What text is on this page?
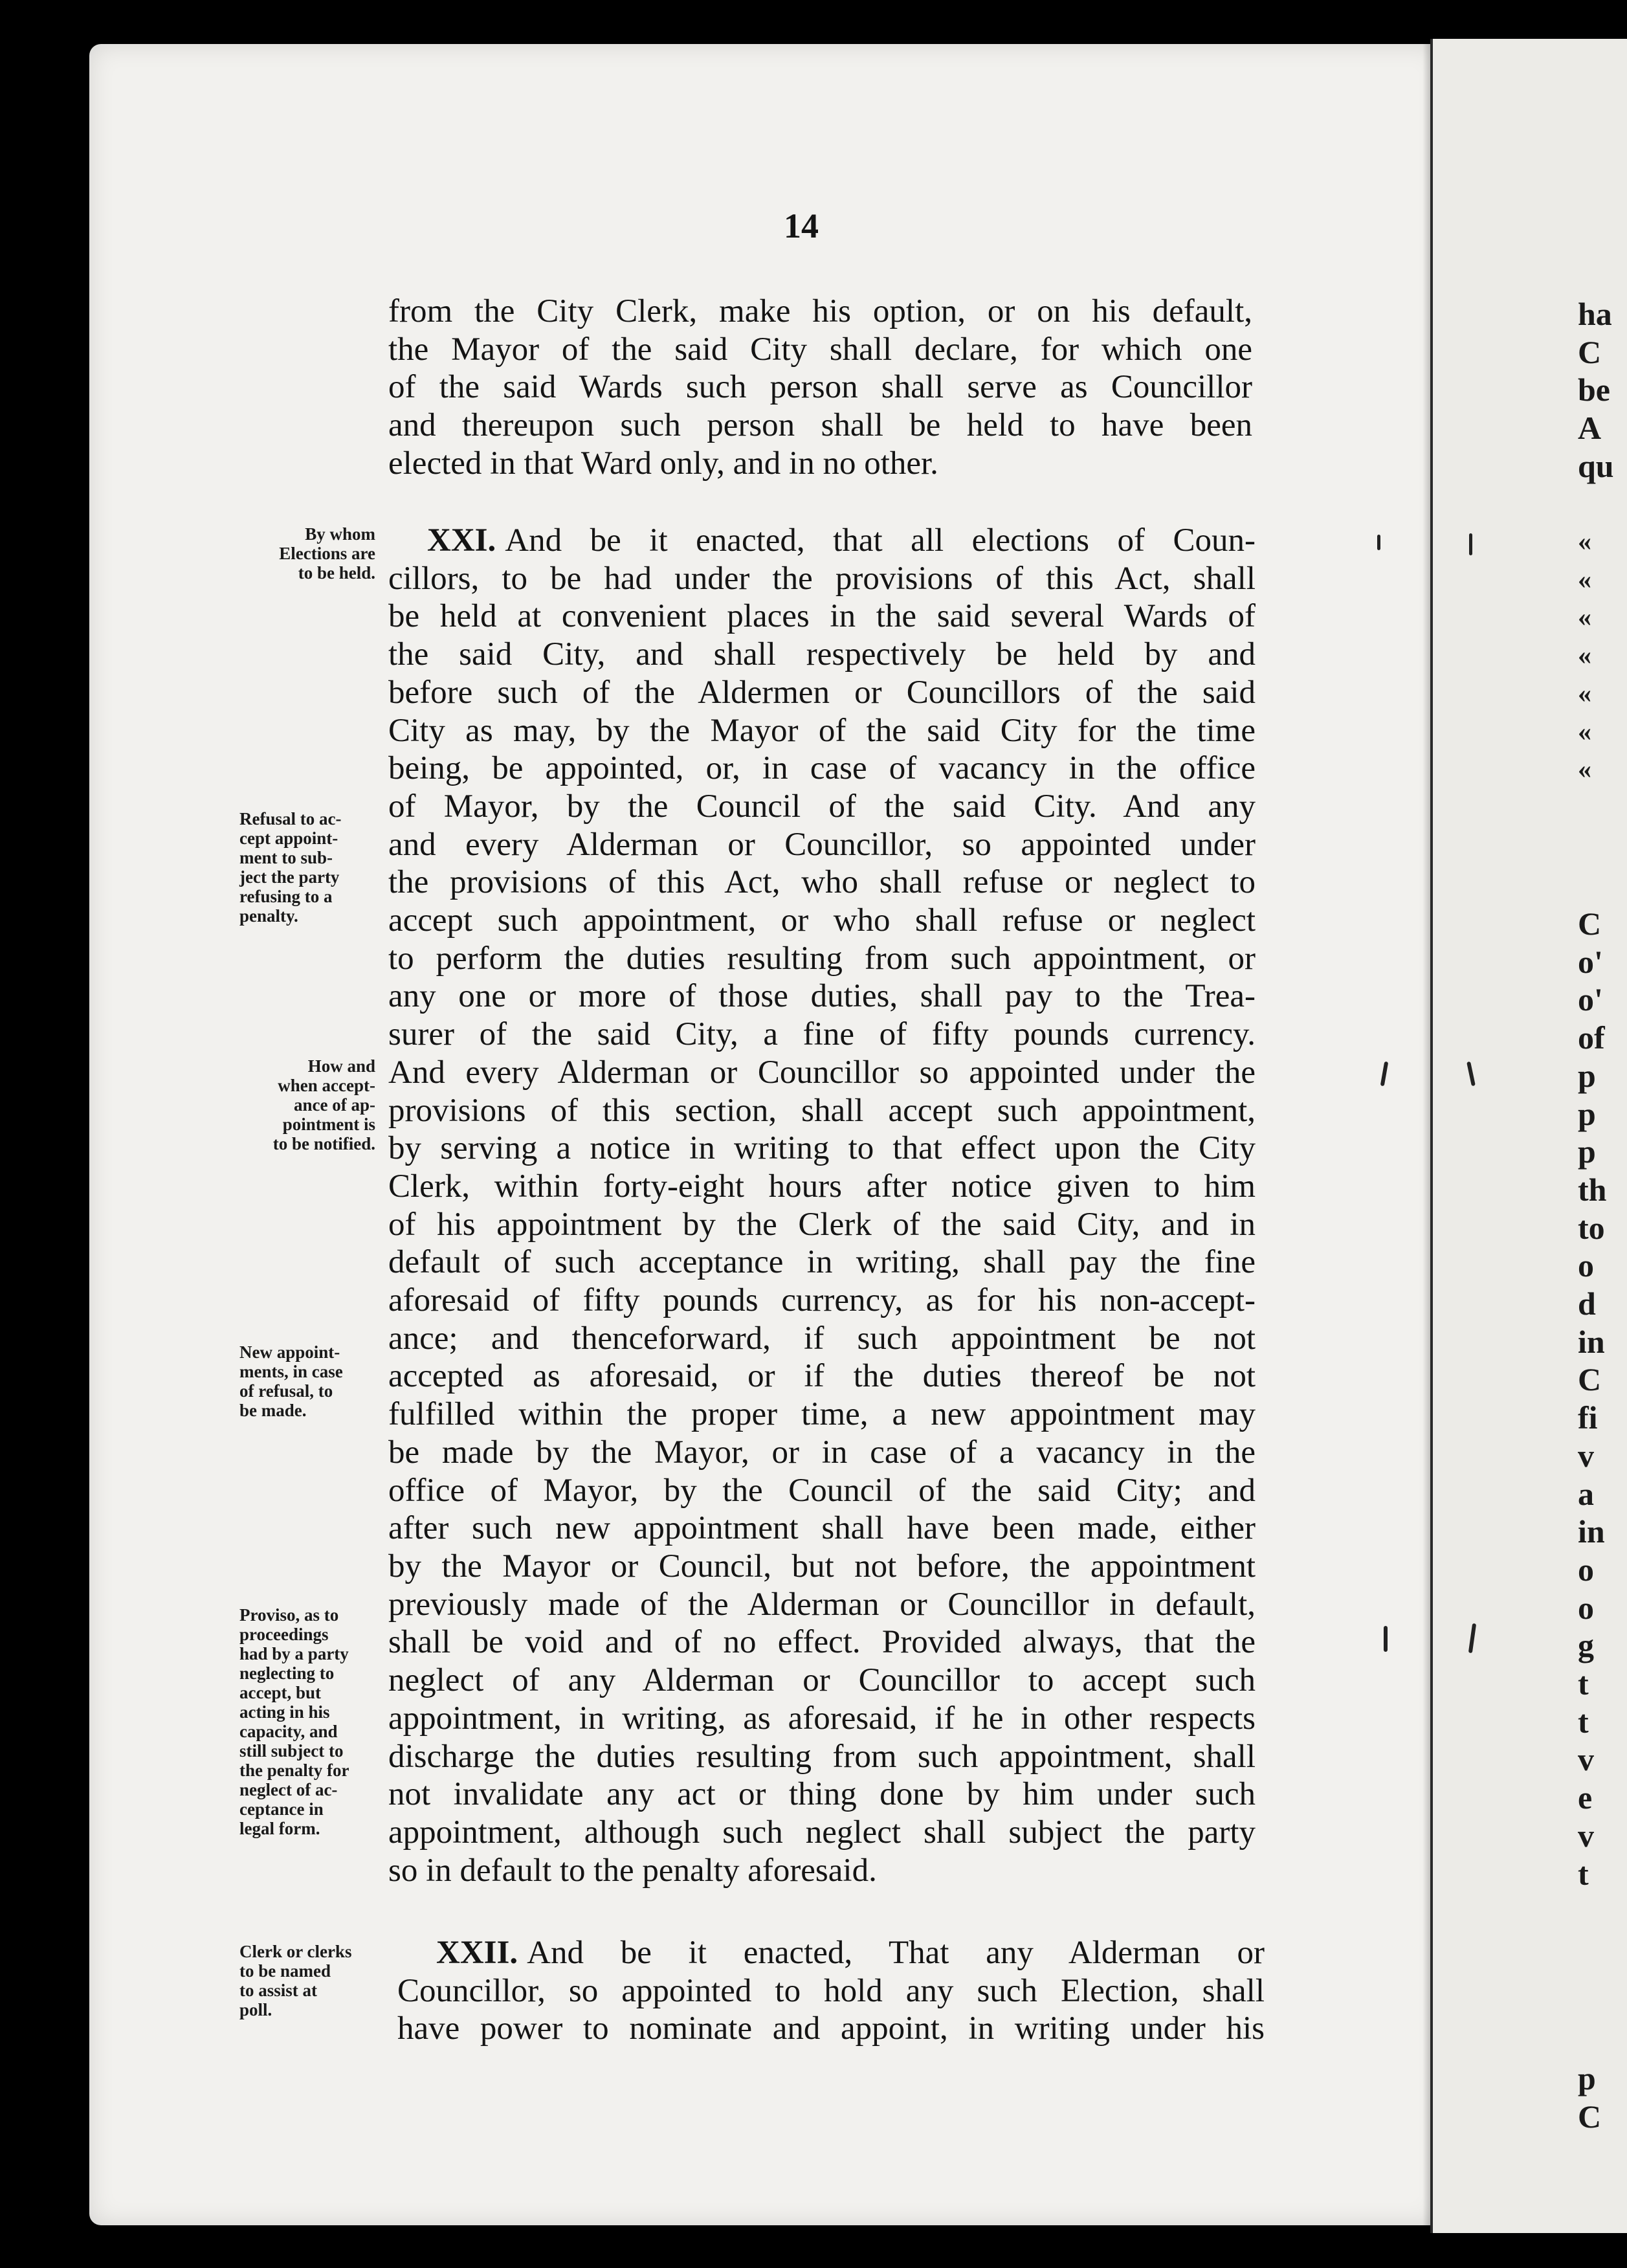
14
from the City Clerk, make his option, or on his default,
the Mayor of the said City shall declare, for which one
of the said Wards such person shall serve as Councillor
and thereupon such person shall be held to have been
elected in that Ward only, and in no other.
XXI. And be it enacted, that all elections of Coun-
cillors, to be had under the provisions of this Act, shall
be held at convenient places in the said several Wards of
the said City, and shall respectively be held by and
before such of the Aldermen or Councillors of the said
City as may, by the Mayor of the said City for the time
being, be appointed, or, in case of vacancy in the office
of Mayor, by the Council of the said City. And any
and every Alderman or Councillor, so appointed under
the provisions of this Act, who shall refuse or neglect to
accept such appointment, or who shall refuse or neglect
to perform the duties resulting from such appointment, or
any one or more of those duties, shall pay to the Trea-
surer of the said City, a fine of fifty pounds currency.
And every Alderman or Councillor so appointed under the
provisions of this section, shall accept such appointment,
by serving a notice in writing to that effect upon the City
Clerk, within forty-eight hours after notice given to him
of his appointment by the Clerk of the said City, and in
default of such acceptance in writing, shall pay the fine
aforesaid of fifty pounds currency, as for his non-accept-
ance; and thenceforward, if such appointment be not
accepted as aforesaid, or if the duties thereof be not
fulfilled within the proper time, a new appointment may
be made by the Mayor, or in case of a vacancy in the
office of Mayor, by the Council of the said City; and
after such new appointment shall have been made, either
by the Mayor or Council, but not before, the appointment
previously made of the Alderman or Councillor in default,
shall be void and of no effect. Provided always, that the
neglect of any Alderman or Councillor to accept such
appointment, in writing, as aforesaid, if he in other respects
discharge the duties resulting from such appointment, shall
not invalidate any act or thing done by him under such
appointment, although such neglect shall subject the party
so in default to the penalty aforesaid.
XXII. And be it enacted, That any Alderman or
Councillor, so appointed to hold any such Election, shall
have power to nominate and appoint, in writing under his
By whom
Elections are
to be held.
Refusal to ac-
cept appoint-
ment to sub-
ject the party
refusing to a
penalty.
How and
when accept-
ance of ap-
pointment is
to be notified.
New appoint-
ments, in case
of refusal, to
be made.
Proviso, as to
proceedings
had by a party
neglecting to
accept, but
acting in his
capacity, and
still subject to
the penalty for
neglect of ac-
ceptance in
legal form.
Clerk or clerks
to be named
to assist at
poll.
ha
C
be
A
qu
«
«
«
«
«
«
«
C
o'
o'
of
p
p
p
th
to
o
d
in
C
fi
v
a
in
o
o
g
t
t
v
e
v
t
p
C
